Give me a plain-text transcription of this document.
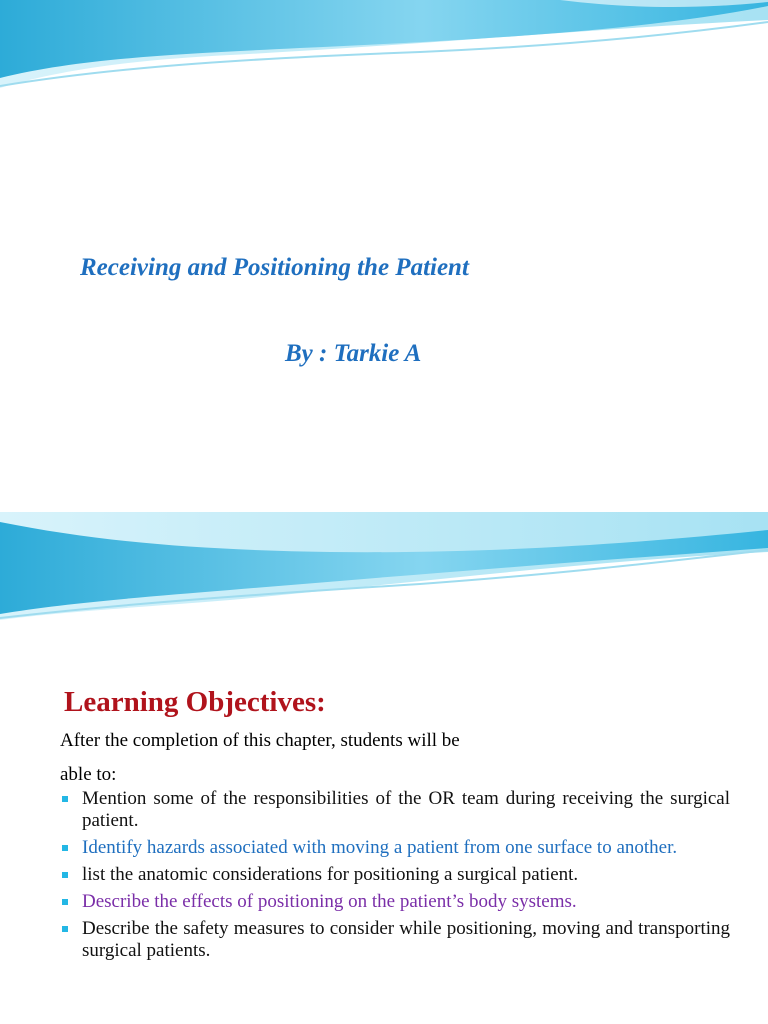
Receiving and Positioning the Patient
By : Tarkie A
Learning Objectives:
After the completion of this chapter, students will be
able to:
Mention some of the responsibilities of the OR team during receiving the surgical patient.
Identify hazards associated with moving a patient from one surface to another.
list the anatomic considerations for positioning a surgical patient.
Describe the effects of positioning on the patient’s body systems.
Describe the safety measures to consider while positioning, moving and transporting surgical patients.
